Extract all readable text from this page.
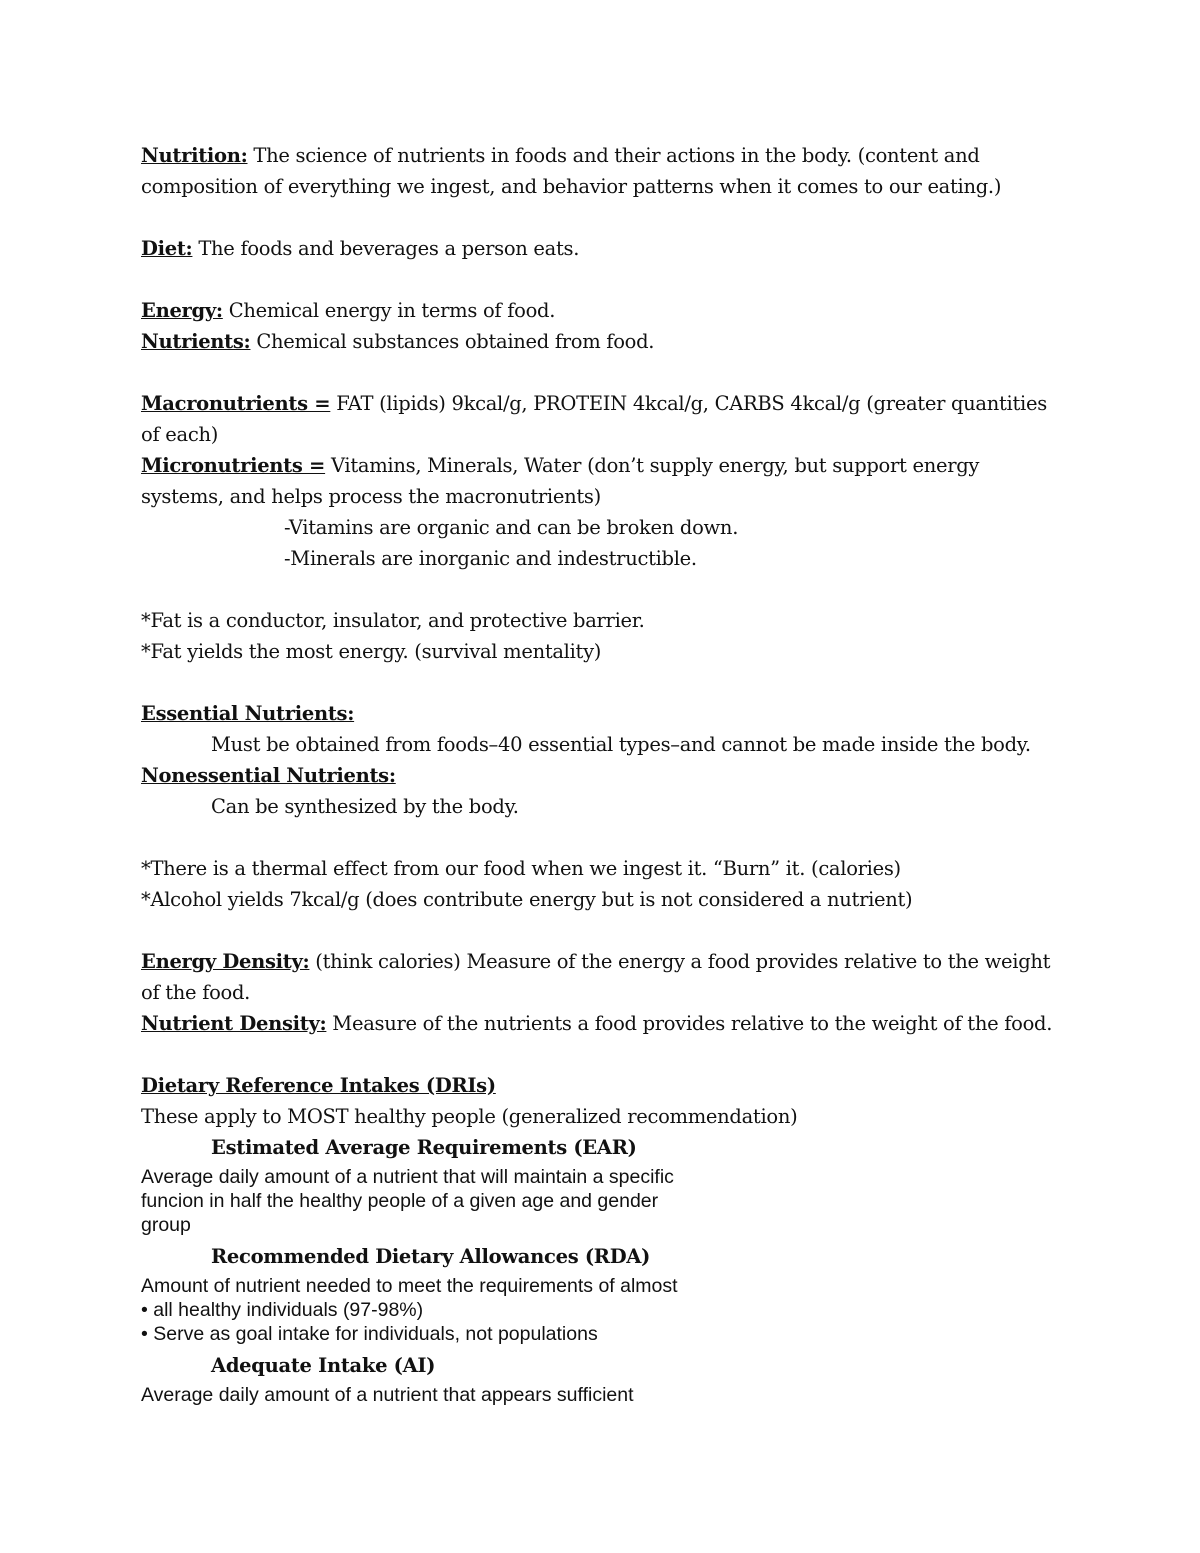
Nutrition: The science of nutrients in foods and their actions in the body. (content and composition of everything we ingest, and behavior patterns when it comes to our eating.)

Diet: The foods and beverages a person eats.

Energy: Chemical energy in terms of food.

Nutrients: Chemical substances obtained from food.

Macronutrients = FAT (lipids) 9kcal/g, PROTEIN 4kcal/g, CARBS 4kcal/g (greater quantities of each)

Micronutrients = Vitamins, Minerals, Water (don’t supply energy, but support energy systems, and helps process the macronutrients)

-Vitamins are organic and can be broken down.

-Minerals are inorganic and indestructible.

*Fat is a conductor, insulator, and protective barrier.

*Fat yields the most energy. (survival mentality)

Essential Nutrients:

Must be obtained from foods–40 essential types–and cannot be made inside the body.

Nonessential Nutrients:

Can be synthesized by the body.

*There is a thermal effect from our food when we ingest it. “Burn” it. (calories)

*Alcohol yields 7kcal/g (does contribute energy but is not considered a nutrient)

Energy Density: (think calories) Measure of the energy a food provides relative to the weight of the food.

Nutrient Density: Measure of the nutrients a food provides relative to the weight of the food.

Dietary Reference Intakes (DRIs)

These apply to MOST healthy people (generalized recommendation)

Estimated Average Requirements (EAR)

Average daily amount of a nutrient that will maintain a specific
funcion in half the healthy people of a given age and gender
group

Recommended Dietary Allowances (RDA)

Amount of nutrient needed to meet the requirements of almost
• all healthy individuals (97-98%)
• Serve as goal intake for individuals, not populations

Adequate Intake (AI)

Average daily amount of a nutrient that appears sufficient
